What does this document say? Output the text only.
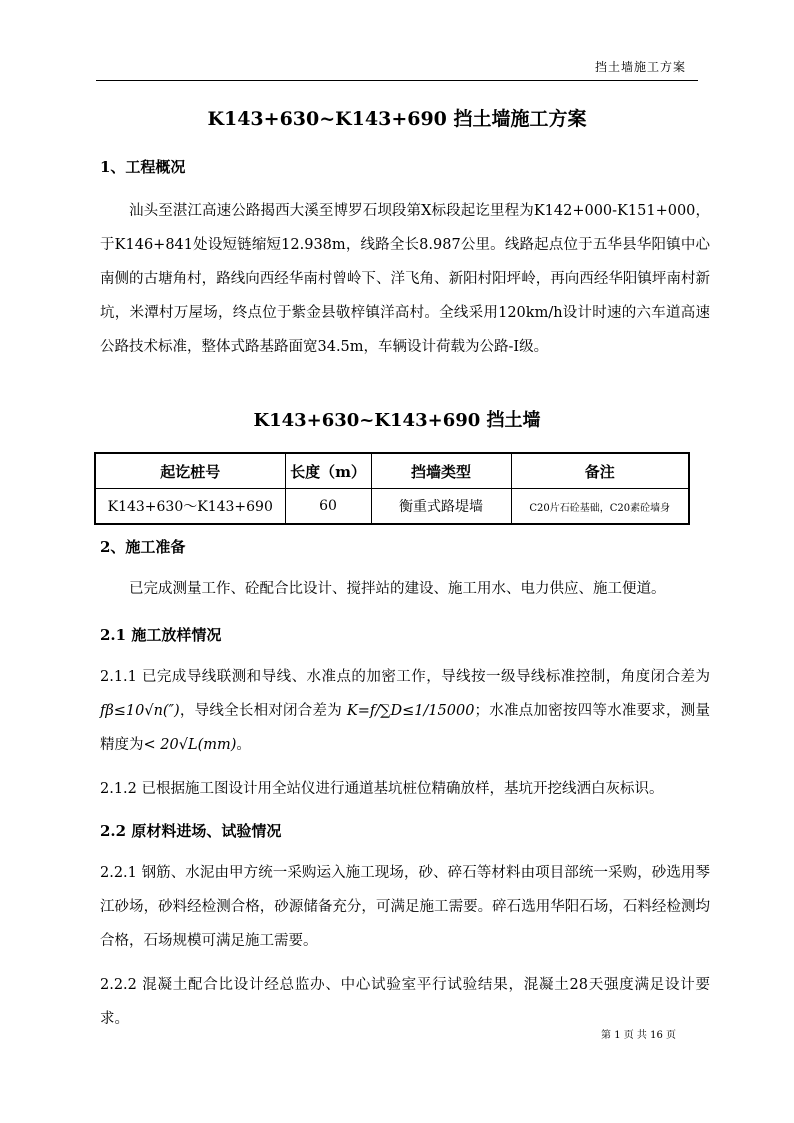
挡土墙施工方案
K143+630~K143+690 挡土墙施工方案
1、工程概况

汕头至湛江高速公路揭西大溪至博罗石坝段第Ⅹ标段起讫里程为K142+000-K151+000，于K146+841处设短链缩短12.938m，线路全长8.987公里。线路起点位于五华县华阳镇中心南侧的古塘角村，路线向西经华南村曾岭下、洋飞角、新阳村阳坪岭，再向西经华阳镇坪南村新坑，米潭村万屋场，终点位于紫金县敬梓镇洋高村。全线采用120km/h设计时速的六车道高速公路技术标准，整体式路基路面宽34.5m，车辆设计荷载为公路-Ⅰ级。

K143+630~K143+690 挡土墙
起讫桩号	长度（m）	挡墙类型	备注
K143+630～K143+690	60	衡重式路堤墙	C20片石砼基础，C20素砼墙身
2、施工准备

已完成测量工作、砼配合比设计、搅拌站的建设、施工用水、电力供应、施工便道。

2.1 施工放样情况

2.1.1 已完成导线联测和导线、水准点的加密工作，导线按一级导线标准控制，角度闭合差为 fβ≤10√n(″)，导线全长相对闭合差为 K=f/∑D≤1/15000；水准点加密按四等水准要求，测量精度为< 20√L(mm)。

2.1.2 已根据施工图设计用全站仪进行通道基坑桩位精确放样，基坑开挖线洒白灰标识。

2.2 原材料进场、试验情况

2.2.1 钢筋、水泥由甲方统一采购运入施工现场，砂、碎石等材料由项目部统一采购，砂选用琴江砂场，砂料经检测合格，砂源储备充分，可满足施工需要。碎石选用华阳石场，石料经检测均合格，石场规模可满足施工需要。

2.2.2 混凝土配合比设计经总监办、中心试验室平行试验结果，混凝土28天强度满足设计要求。

第 1 页 共 16 页
